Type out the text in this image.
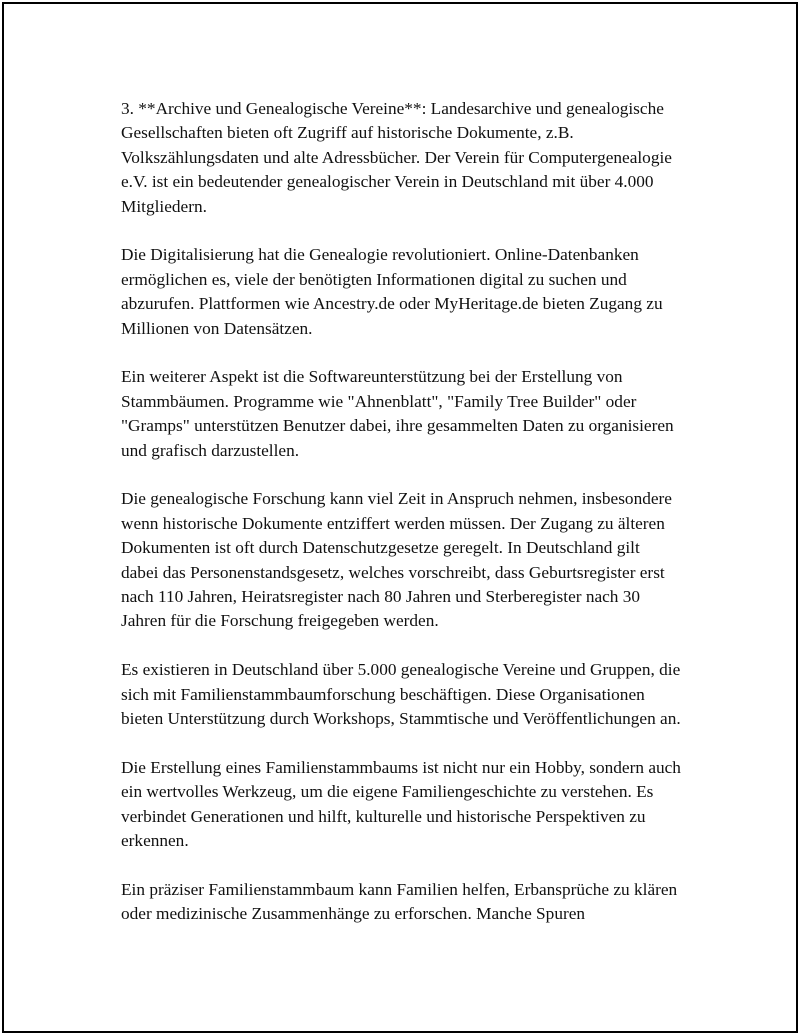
3. **Archive und Genealogische Vereine**: Landesarchive und genealogische Gesellschaften bieten oft Zugriff auf historische Dokumente, z.B. Volkszählungsdaten und alte Adressbücher. Der Verein für Computergenealogie e.V. ist ein bedeutender genealogischer Verein in Deutschland mit über 4.000 Mitgliedern.

Die Digitalisierung hat die Genealogie revolutioniert. Online-Datenbanken ermöglichen es, viele der benötigten Informationen digital zu suchen und abzurufen. Plattformen wie Ancestry.de oder MyHeritage.de bieten Zugang zu Millionen von Datensätzen.

Ein weiterer Aspekt ist die Softwareunterstützung bei der Erstellung von Stammbäumen. Programme wie "Ahnenblatt", "Family Tree Builder" oder "Gramps" unterstützen Benutzer dabei, ihre gesammelten Daten zu organisieren und grafisch darzustellen.

Die genealogische Forschung kann viel Zeit in Anspruch nehmen, insbesondere wenn historische Dokumente entziffert werden müssen. Der Zugang zu älteren Dokumenten ist oft durch Datenschutzgesetze geregelt. In Deutschland gilt dabei das Personenstandsgesetz, welches vorschreibt, dass Geburtsregister erst nach 110 Jahren, Heiratsregister nach 80 Jahren und Sterberegister nach 30 Jahren für die Forschung freigegeben werden.

Es existieren in Deutschland über 5.000 genealogische Vereine und Gruppen, die sich mit Familienstammbaumforschung beschäftigen. Diese Organisationen bieten Unterstützung durch Workshops, Stammtische und Veröffentlichungen an.

Die Erstellung eines Familienstammbaums ist nicht nur ein Hobby, sondern auch ein wertvolles Werkzeug, um die eigene Familiengeschichte zu verstehen. Es verbindet Generationen und hilft, kulturelle und historische Perspektiven zu erkennen.

Ein präziser Familienstammbaum kann Familien helfen, Erbansprüche zu klären oder medizinische Zusammenhänge zu erforschen. Manche Spuren
